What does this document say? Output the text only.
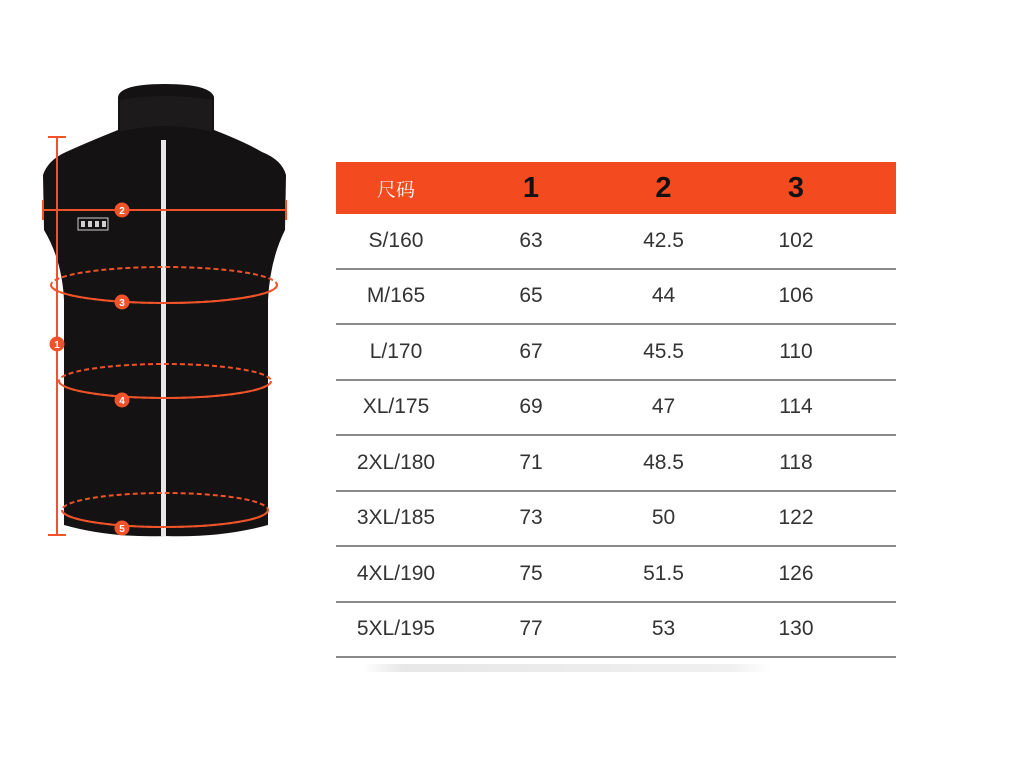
1
2
3
4
5
尺码	1	2	3
S/160	63	42.5	102
M/165	65	44	106
L/170	67	45.5	110
XL/175	69	47	114
2XL/180	71	48.5	118
3XL/185	73	50	122
4XL/190	75	51.5	126
5XL/195	77	53	130
